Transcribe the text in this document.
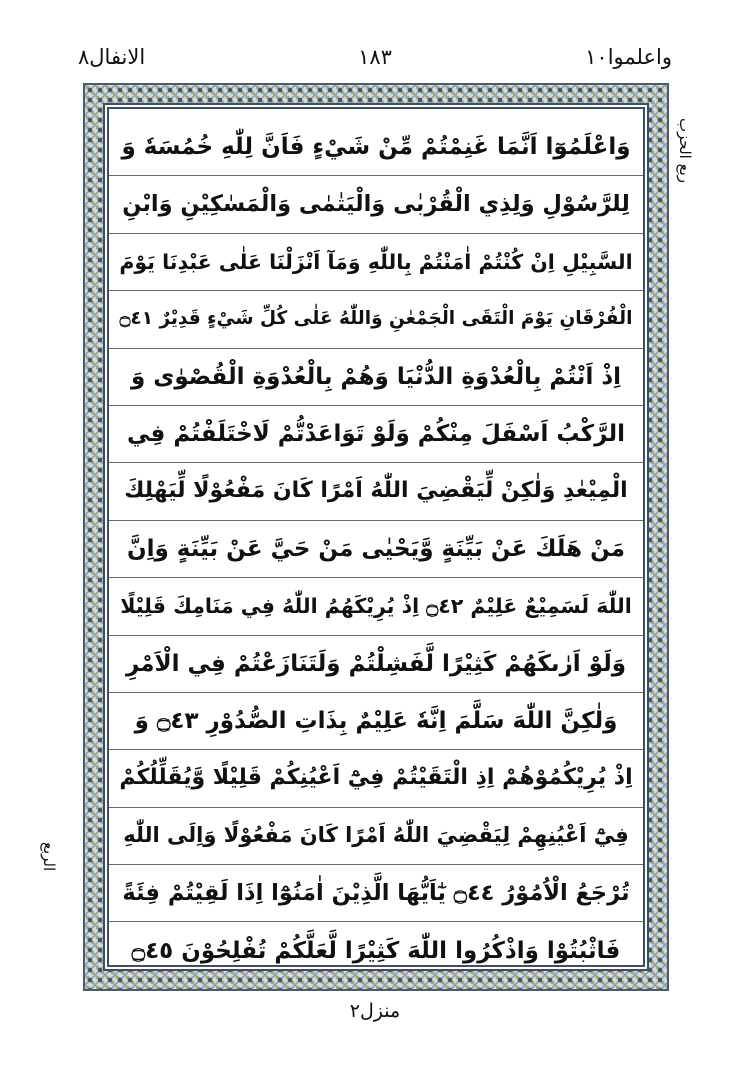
واعلموا١٠
١٨٣
الانفال٨
ربع الحزب
الربع
وَاعْلَمُوٓا اَنَّمَا غَنِمْتُمْ مِّنْ شَيْءٍ فَاَنَّ لِلّٰهِ خُمُسَهٗ وَ
لِلرَّسُوْلِ وَلِذِي الْقُرْبٰى وَالْيَتٰمٰى وَالْمَسٰكِيْنِ وَابْنِ
السَّبِيْلِ اِنْ كُنْتُمْ اٰمَنْتُمْ بِاللّٰهِ وَمَآ اَنْزَلْنَا عَلٰى عَبْدِنَا يَوْمَ
الْفُرْقَانِ يَوْمَ الْتَقَى الْجَمْعٰنِ وَاللّٰهُ عَلٰى كُلِّ شَيْءٍ قَدِيْرٌ ۝٤١
اِذْ اَنْتُمْ بِالْعُدْوَةِ الدُّنْيَا وَهُمْ بِالْعُدْوَةِ الْقُصْوٰى وَ
الرَّكْبُ اَسْفَلَ مِنْكُمْ وَلَوْ تَوَاعَدْتُّمْ لَاخْتَلَفْتُمْ فِي
الْمِيْعٰدِ وَلٰكِنْ لِّيَقْضِيَ اللّٰهُ اَمْرًا كَانَ مَفْعُوْلًا لِّيَهْلِكَ
مَنْ هَلَكَ عَنْ بَيِّنَةٍ وَّيَحْيٰى مَنْ حَيَّ عَنْ بَيِّنَةٍ وَاِنَّ
اللّٰهَ لَسَمِيْعٌ عَلِيْمٌ ۝٤٢ اِذْ يُرِيْكَهُمُ اللّٰهُ فِي مَنَامِكَ قَلِيْلًا
وَلَوْ اَرٰىكَهُمْ كَثِيْرًا لَّفَشِلْتُمْ وَلَتَنَازَعْتُمْ فِي الْاَمْرِ
وَلٰكِنَّ اللّٰهَ سَلَّمَ اِنَّهٗ عَلِيْمٌ بِذَاتِ الصُّدُوْرِ ۝٤٣ وَ
اِذْ يُرِيْكُمُوْهُمْ اِذِ الْتَقَيْتُمْ فِيْٓ اَعْيُنِكُمْ قَلِيْلًا وَّيُقَلِّلُكُمْ
فِيْٓ اَعْيُنِهِمْ لِيَقْضِيَ اللّٰهُ اَمْرًا كَانَ مَفْعُوْلًا وَاِلَى اللّٰهِ
تُرْجَعُ الْاُمُوْرُ ۝٤٤ يٰٓاَيُّهَا الَّذِيْنَ اٰمَنُوْٓا اِذَا لَقِيْتُمْ فِئَةً
فَاثْبُتُوْا وَاذْكُرُوا اللّٰهَ كَثِيْرًا لَّعَلَّكُمْ تُفْلِحُوْنَ ۝٤٥
منزل٢
